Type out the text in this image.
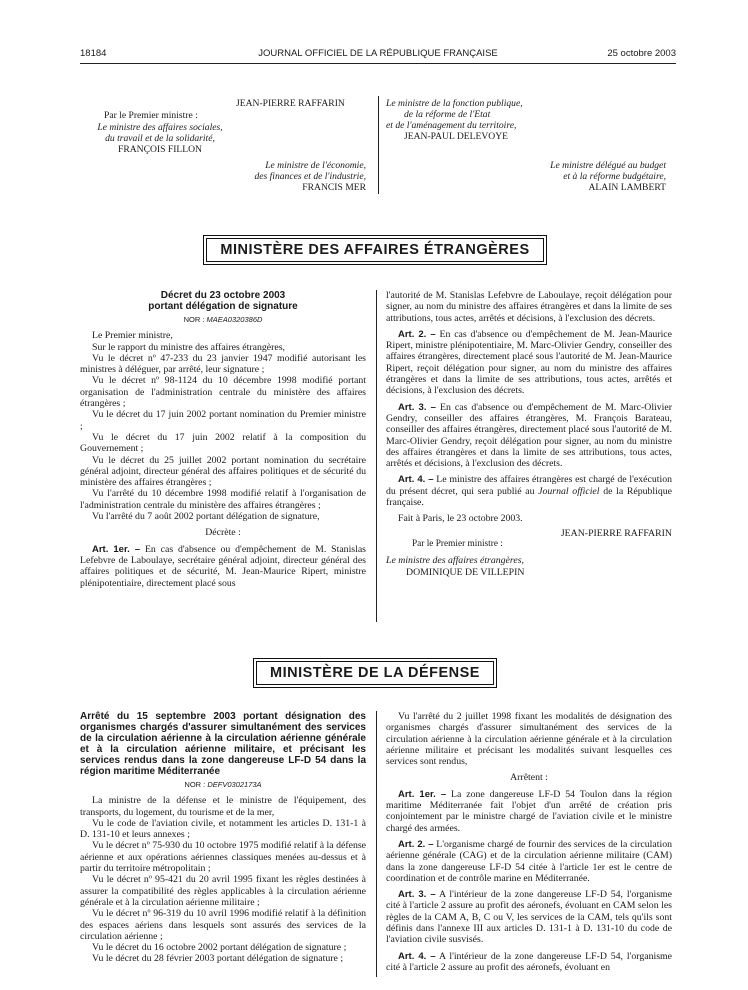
18184	JOURNAL OFFICIEL DE LA RÉPUBLIQUE FRANÇAISE	25 octobre 2003
JEAN-PIERRE RAFFARIN
Par le Premier ministre :
Le ministre des affaires sociales,
du travail et de la solidarité,
FRANÇOIS FILLON
Le ministre de l'économie,
des finances et de l'industrie,
FRANCIS MER
Le ministre de la fonction publique,
de la réforme de l'Etat
et de l'aménagement du territoire,
JEAN-PAUL DELEVOYE
Le ministre délégué au budget
et à la réforme budgétaire,
ALAIN LAMBERT
MINISTÈRE DES AFFAIRES ÉTRANGÈRES
Décret du 23 octobre 2003
portant délégation de signature
NOR : MAEA0320386D

Le Premier ministre,

Sur le rapport du ministre des affaires étrangères,

Vu le décret nº 47-233 du 23 janvier 1947 modifié autorisant les ministres à déléguer, par arrêté, leur signature ;

Vu le décret nº 98-1124 du 10 décembre 1998 modifié portant organisation de l'administration centrale du ministère des affaires étrangères ;

Vu le décret du 17 juin 2002 portant nomination du Premier ministre ;

Vu le décret du 17 juin 2002 relatif à la composition du Gouvernement ;

Vu le décret du 25 juillet 2002 portant nomination du secrétaire général adjoint, directeur général des affaires politiques et de sécurité du ministère des affaires étrangères ;

Vu l'arrêté du 10 décembre 1998 modifié relatif à l'organisation de l'administration centrale du ministère des affaires étrangères ;

Vu l'arrêté du 7 août 2002 portant délégation de signature,

Décrète :

Art. 1er. – En cas d'absence ou d'empêchement de M. Stanislas Lefebvre de Laboulaye, secrétaire général adjoint, directeur général des affaires politiques et de sécurité, M. Jean-Maurice Ripert, ministre plénipotentiaire, directement placé sous

l'autorité de M. Stanislas Lefebvre de Laboulaye, reçoit délégation pour signer, au nom du ministre des affaires étrangères et dans la limite de ses attributions, tous actes, arrêtés et décisions, à l'exclusion des décrets.

Art. 2. – En cas d'absence ou d'empêchement de M. Jean-Maurice Ripert, ministre plénipotentiaire, M. Marc-Olivier Gendry, conseiller des affaires étrangères, directement placé sous l'autorité de M. Jean-Maurice Ripert, reçoit délégation pour signer, au nom du ministre des affaires étrangères et dans la limite de ses attributions, tous actes, arrêtés et décisions, à l'exclusion des décrets.

Art. 3. – En cas d'absence ou d'empêchement de M. Marc-Olivier Gendry, conseiller des affaires étrangères, M. François Barateau, conseiller des affaires étrangères, directement placé sous l'autorité de M. Marc-Olivier Gendry, reçoit délégation pour signer, au nom du ministre des affaires étrangères et dans la limite de ses attributions, tous actes, arrêtés et décisions, à l'exclusion des décrets.

Art. 4. – Le ministre des affaires étrangères est chargé de l'exécution du présent décret, qui sera publié au Journal officiel de la République française.

Fait à Paris, le 23 octobre 2003.

JEAN-PIERRE RAFFARIN
Par le Premier ministre :
Le ministre des affaires étrangères,
DOMINIQUE DE VILLEPIN
MINISTÈRE DE LA DÉFENSE
Arrêté du 15 septembre 2003 portant désignation des organismes chargés d'assurer simultanément des services de la circulation aérienne à la circulation aérienne générale et à la circulation aérienne militaire, et précisant les services rendus dans la zone dangereuse LF-D 54 dans la région maritime Méditerranée
NOR : DEFV0302173A

La ministre de la défense et le ministre de l'équipement, des transports, du logement, du tourisme et de la mer,

Vu le code de l'aviation civile, et notamment les articles D. 131-1 à D. 131-10 et leurs annexes ;

Vu le décret nº 75-930 du 10 octobre 1975 modifié relatif à la défense aérienne et aux opérations aériennes classiques menées au-dessus et à partir du territoire métropolitain ;

Vu le décret nº 95-421 du 20 avril 1995 fixant les règles destinées à assurer la compatibilité des règles applicables à la circulation aérienne générale et à la circulation aérienne militaire ;

Vu le décret nº 96-319 du 10 avril 1996 modifié relatif à la définition des espaces aériens dans lesquels sont assurés des services de la circulation aérienne ;

Vu le décret du 16 octobre 2002 portant délégation de signature ;

Vu le décret du 28 février 2003 portant délégation de signature ;

Vu l'arrêté du 2 juillet 1998 fixant les modalités de désignation des organismes chargés d'assurer simultanément des services de la circulation aérienne à la circulation aérienne générale et à la circulation aérienne militaire et précisant les modalités suivant lesquelles ces services sont rendus,

Arrêtent :

Art. 1er. – La zone dangereuse LF-D 54 Toulon dans la région maritime Méditerranée fait l'objet d'un arrêté de création pris conjointement par le ministre chargé de l'aviation civile et le ministre chargé des armées.

Art. 2. – L'organisme chargé de fournir des services de la circulation aérienne générale (CAG) et de la circulation aérienne militaire (CAM) dans la zone dangereuse LF-D 54 citée à l'article 1er est le centre de coordination et de contrôle marine en Méditerranée.

Art. 3. – A l'intérieur de la zone dangereuse LF-D 54, l'organisme cité à l'article 2 assure au profit des aéronefs, évoluant en CAM selon les règles de la CAM A, B, C ou V, les services de la CAM, tels qu'ils sont définis dans l'annexe III aux articles D. 131-1 à D. 131-10 du code de l'aviation civile susvisés.

Art. 4. – A l'intérieur de la zone dangereuse LF-D 54, l'organisme cité à l'article 2 assure au profit des aéronefs, évoluant en
